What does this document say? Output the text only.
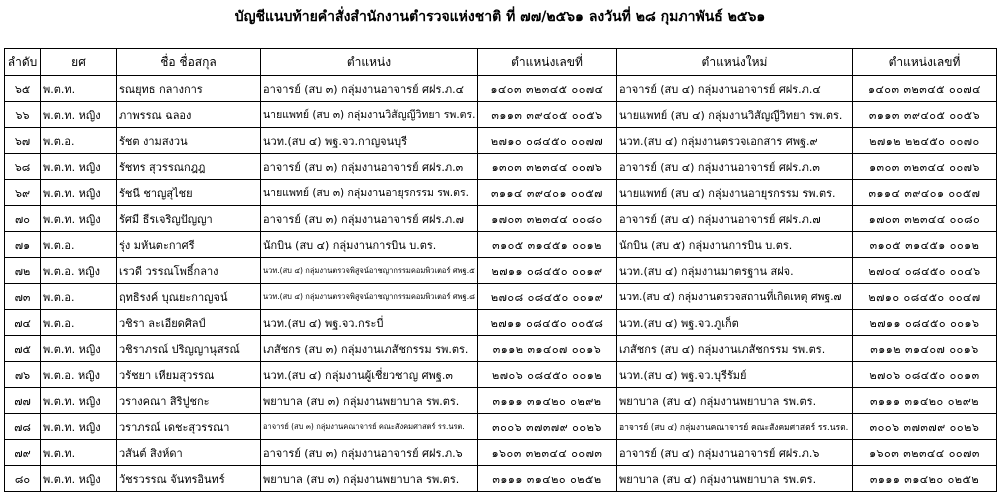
บัญชีแนบท้ายคำสั่งสำนักงานตำรวจแห่งชาติ ที่ ๗๗/๒๕๖๑ ลงวันที่ ๒๘ กุมภาพันธ์ ๒๕๖๑
ลำดับ	ยศ	ชื่อ ชื่อสกุล	ตำแหน่ง	ตำแหน่งเลขที่	ตำแหน่งใหม่	ตำแหน่งเลขที่
๖๕	พ.ต.ท.	รณยุทธ กลางการ	อาจารย์ (สบ ๓) กลุ่มงานอาจารย์ ศฝร.ภ.๔	๑๔๐๓ ๓๒๓๔๕ ๐๐๗๔	อาจารย์ (สบ ๔) กลุ่มงานอาจารย์ ศฝร.ภ.๔	๑๔๐๓ ๓๒๓๔๕ ๐๐๗๔
๖๖	พ.ต.ท. หญิง	ภาพรรณ ฉลอง	นายแพทย์ (สบ ๓) กลุ่มงานวิสัญญีวิทยา รพ.ตร.	๓๑๑๓ ๓๙๔๐๕ ๐๐๕๖	นายแพทย์ (สบ ๔) กลุ่มงานวิสัญญีวิทยา รพ.ตร.	๓๑๑๓ ๓๙๔๐๕ ๐๐๕๖
๖๗	พ.ต.อ.	รัชต งามสงวน	นวท.(สบ ๔) พฐ.จว.กาญจนบุรี	๒๗๑๐ ๐๘๔๕๐ ๐๐๗๗	นวท.(สบ ๔) กลุ่มงานตรวจเอกสาร ศพฐ.๙	๒๗๑๒ ๒๒๔๕๐ ๐๐๗๐
๖๘	พ.ต.ท. หญิง	รัชทร สุวรรณกฎฎ	อาจารย์ (สบ ๓) กลุ่มงานอาจารย์ ศฝร.ภ.๓	๑๓๐๓ ๓๒๓๔๔ ๐๐๗๖	อาจารย์ (สบ ๔) กลุ่มงานอาจารย์ ศฝร.ภ.๓	๑๓๐๓ ๓๒๓๔๔ ๐๐๗๖
๖๙	พ.ต.ท. หญิง	รัชนี ชาญสุไชย	นายแพทย์ (สบ ๓) กลุ่มงานอายุรกรรม รพ.ตร.	๓๑๑๔ ๓๙๔๐๑ ๐๐๕๗	นายแพทย์ (สบ ๔) กลุ่มงานอายุรกรรม รพ.ตร.	๓๑๑๔ ๓๙๔๐๑ ๐๐๕๗
๗๐	พ.ต.ท. หญิง	รัศมี ธีรเจริญปัญญา	อาจารย์ (สบ ๓) กลุ่มงานอาจารย์ ศฝร.ภ.๗	๑๗๐๓ ๓๒๓๔๔ ๐๐๘๐	อาจารย์ (สบ ๔) กลุ่มงานอาจารย์ ศฝร.ภ.๗	๑๗๐๓ ๓๒๓๔๔ ๐๐๘๐
๗๑	พ.ต.อ.	รุ่ง มหันตะกาศรี	นักบิน (สบ ๔) กลุ่มงานการบิน บ.ตร.	๓๑๐๕ ๓๑๔๕๑ ๐๐๑๒	นักบิน (สบ ๕) กลุ่มงานการบิน บ.ตร.	๓๑๐๕ ๓๑๔๕๑ ๐๐๑๒
๗๒	พ.ต.อ. หญิง	เรวดี วรรณโพธิ์กลาง	นวท.(สบ ๔) กลุ่มงานตรวจพิสูจน์อาชญากรรมคอมพิวเตอร์ ศพฐ.๕	๒๗๑๑ ๐๘๔๕๐ ๐๐๑๙	นวท.(สบ ๔) กลุ่มงานมาตรฐาน สฝจ.	๒๗๐๔ ๐๘๔๕๐ ๐๐๔๖
๗๓	พ.ต.อ.	ฤทธิรงค์ บุณยะกาญจน์	นวท.(สบ ๔) กลุ่มงานตรวจพิสูจน์อาชญากรรมคอมพิวเตอร์ ศพฐ.๘	๒๗๐๘ ๐๘๔๕๐ ๐๐๑๙	นวท.(สบ ๔) กลุ่มงานตรวจสถานที่เกิดเหตุ ศพฐ.๗	๒๗๑๐ ๐๘๔๕๐ ๐๐๔๗
๗๔	พ.ต.อ.	วชิรา ละเอียดศิลป์	นวท.(สบ ๔) พฐ.จว.กระบี่	๒๗๑๑ ๐๘๔๕๐ ๐๐๕๘	นวท.(สบ ๔) พฐ.จว.ภูเก็ต	๒๗๑๑ ๐๘๔๕๐ ๐๐๑๖
๗๕	พ.ต.ท. หญิง	วชิราภรณ์ ปริญญานุสรณ์	เภสัชกร (สบ ๓) กลุ่มงานเภสัชกรรม รพ.ตร.	๓๑๑๒ ๓๑๔๐๗ ๐๐๑๖	เภสัชกร (สบ ๔) กลุ่มงานเภสัชกรรม รพ.ตร.	๓๑๑๒ ๓๑๔๐๗ ๐๐๑๖
๗๖	พ.ต.อ. หญิง	วรัชยา เหียมสุวรรณ	นวท.(สบ ๔) กลุ่มงานผู้เชี่ยวชาญ ศพฐ.๓	๒๗๐๖ ๐๘๔๕๐ ๐๐๑๒	นวท.(สบ ๔) พฐ.จว.บุรีรัมย์	๒๗๐๖ ๐๘๔๕๐ ๐๐๑๓
๗๗	พ.ต.ท. หญิง	วรางคณา สิริปูชกะ	พยาบาล (สบ ๓) กลุ่มงานพยาบาล รพ.ตร.	๓๑๑๑ ๓๑๔๒๐ ๐๒๙๒	พยาบาล (สบ ๔) กลุ่มงานพยาบาล รพ.ตร.	๓๑๑๑ ๓๑๔๒๐ ๐๒๙๒
๗๘	พ.ต.ท. หญิง	วราภรณ์ เดชะสุวรรณา	อาจารย์ (สบ ๓) กลุ่มงานคณาจารย์ คณะสังคมศาสตร์ รร.นรต.	๓๐๐๖ ๓๗๓๗๙ ๐๐๒๖	อาจารย์ (สบ ๔) กลุ่มงานคณาจารย์ คณะสังคมศาสตร์ รร.นรต.	๓๐๐๖ ๓๗๓๗๙ ๐๐๒๖
๗๙	พ.ต.ท.	วสันต์ สิงห์ดา	อาจารย์ (สบ ๓) กลุ่มงานอาจารย์ ศฝร.ภ.๖	๑๖๐๓ ๓๒๓๔๔ ๐๐๗๓	อาจารย์ (สบ ๔) กลุ่มงานอาจารย์ ศฝร.ภ.๖	๑๖๐๓ ๓๒๓๔๔ ๐๐๗๓
๘๐	พ.ต.ท. หญิง	วัชรวรรณ จันทรอินทร์	พยาบาล (สบ ๓) กลุ่มงานพยาบาล รพ.ตร.	๓๑๑๑ ๓๑๔๒๐ ๐๒๕๒	พยาบาล (สบ ๔) กลุ่มงานพยาบาล รพ.ตร.	๓๑๑๑ ๓๑๔๒๐ ๐๒๕๒
